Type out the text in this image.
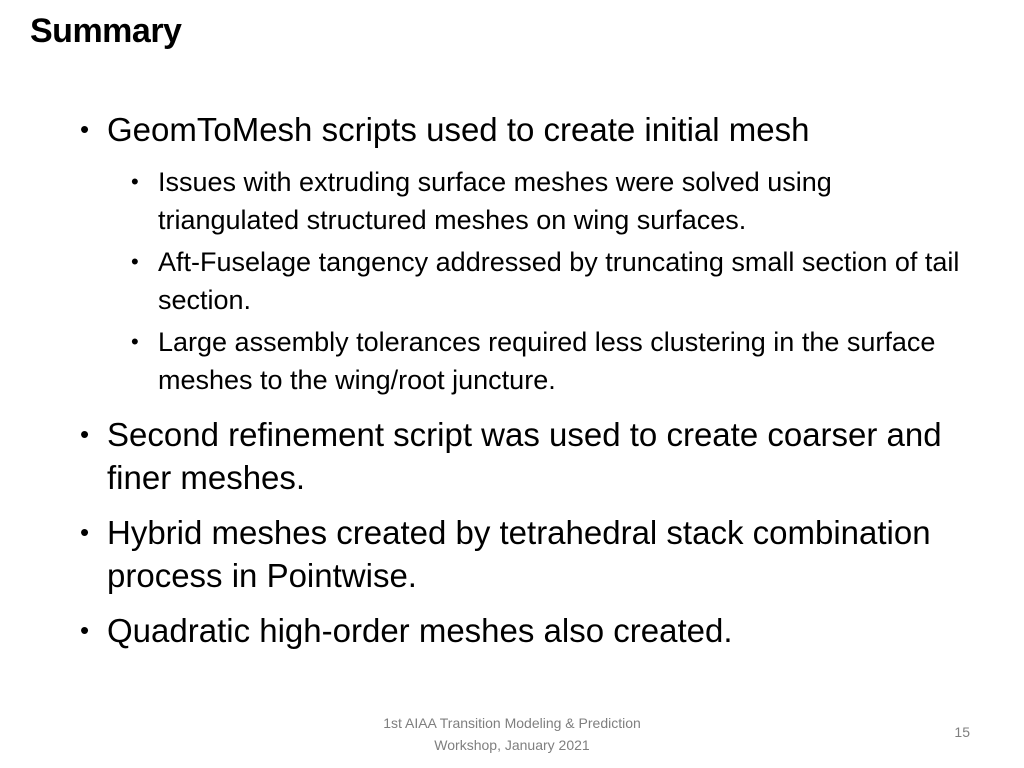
Summary
• GeomToMesh scripts used to create initial mesh
• Issues with extruding surface meshes were solved using triangulated structured meshes on wing surfaces.
• Aft-Fuselage tangency addressed by truncating small section of tail section.
• Large assembly tolerances required less clustering in the surface meshes to the wing/root juncture.
• Second refinement script was used to create coarser and finer meshes.
• Hybrid meshes created by tetrahedral stack combination process in Pointwise.
• Quadratic high-order meshes also created.
1st AIAA Transition Modeling & Prediction
Workshop, January 2021
15
